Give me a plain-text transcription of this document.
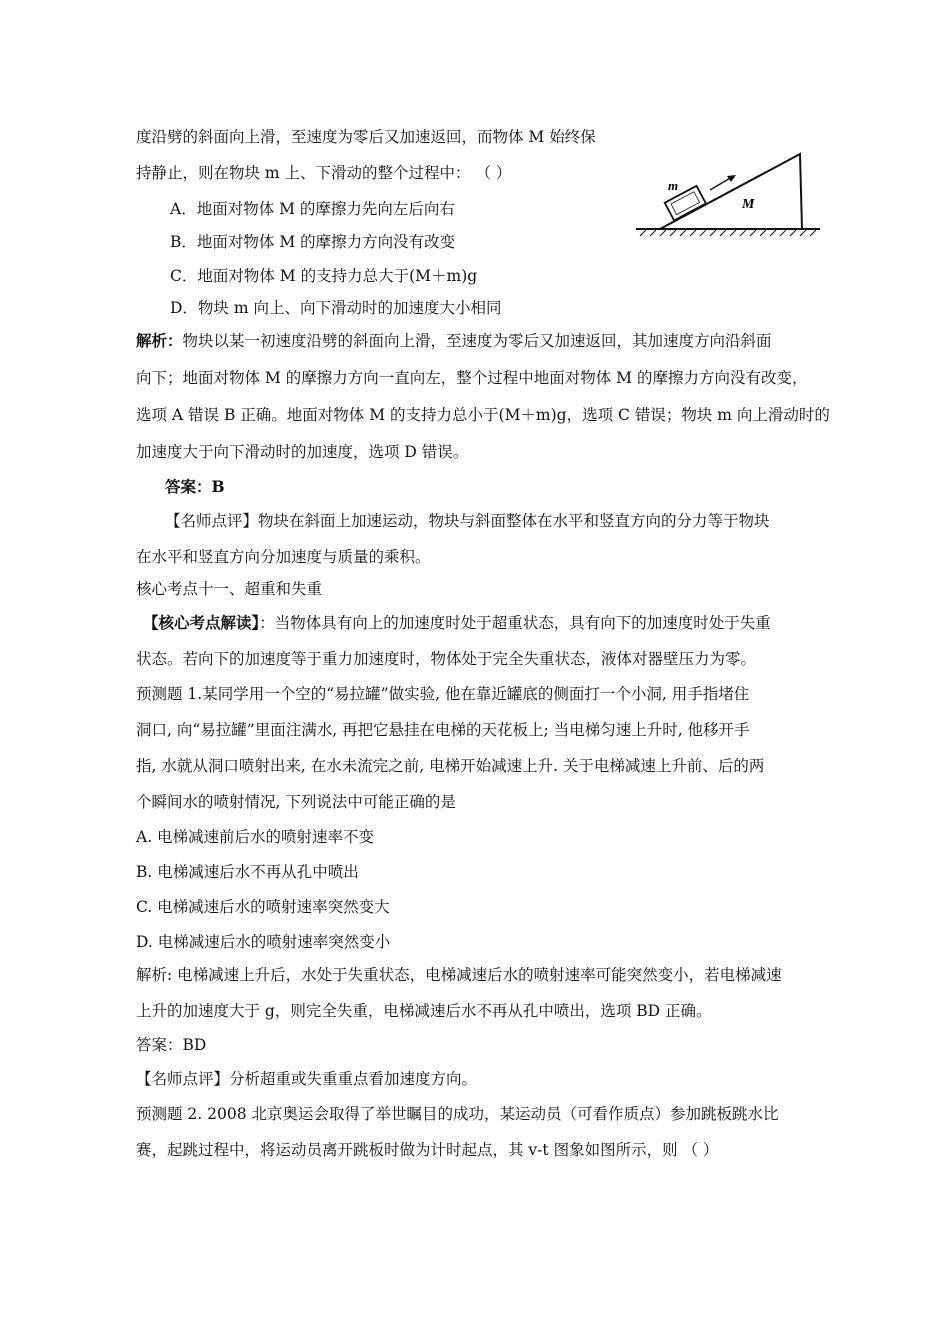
度沿劈的斜面向上滑，至速度为零后又加速返回，而物体 M 始终保
持静止，则在物块 m 上、下滑动的整个过程中： （ ）
A．地面对物体 M 的摩擦力先向左后向右
B．地面对物体 M 的摩擦力方向没有改变
C．地面对物体 M 的支持力总大于(M＋m)g
D．物块 m 向上、向下滑动时的加速度大小相同
m
M
解析：物块以某一初速度沿劈的斜面向上滑，至速度为零后又加速返回，其加速度方向沿斜面
向下；地面对物体 M 的摩擦力方向一直向左，整个过程中地面对物体 M 的摩擦力方向没有改变，
选项 A 错误 B 正确。地面对物体 M 的支持力总小于(M＋m)g，选项 C 错误；物块 m 向上滑动时的
加速度大于向下滑动时的加速度，选项 D 错误。
答案：B
【名师点评】物块在斜面上加速运动，物块与斜面整体在水平和竖直方向的分力等于物块
在水平和竖直方向分加速度与质量的乘积。
核心考点十一、超重和失重
【核心考点解读】：当物体具有向上的加速度时处于超重状态，具有向下的加速度时处于失重
状态。若向下的加速度等于重力加速度时，物体处于完全失重状态，液体对器壁压力为零。
预测题 1.某同学用一个空的“易拉罐”做实验, 他在靠近罐底的侧面打一个小洞, 用手指堵住
洞口, 向“易拉罐”里面注满水, 再把它悬挂在电梯的天花板上; 当电梯匀速上升时, 他移开手
指, 水就从洞口喷射出来, 在水未流完之前, 电梯开始减速上升. 关于电梯减速上升前、后的两
个瞬间水的喷射情况, 下列说法中可能正确的是
A. 电梯减速前后水的喷射速率不变
B. 电梯减速后水不再从孔中喷出
C. 电梯减速后水的喷射速率突然变大
D. 电梯减速后水的喷射速率突然变小
解析: 电梯减速上升后，水处于失重状态，电梯减速后水的喷射速率可能突然变小，若电梯减速
上升的加速度大于 g，则完全失重，电梯减速后水不再从孔中喷出，选项 BD 正确。
答案：BD
【名师点评】分析超重或失重重点看加速度方向。
预测题 2. 2008 北京奥运会取得了举世瞩目的成功，某运动员（可看作质点）参加跳板跳水比
赛，起跳过程中，将运动员离开跳板时做为计时起点，其 v-t 图象如图所示，则 （ ）
